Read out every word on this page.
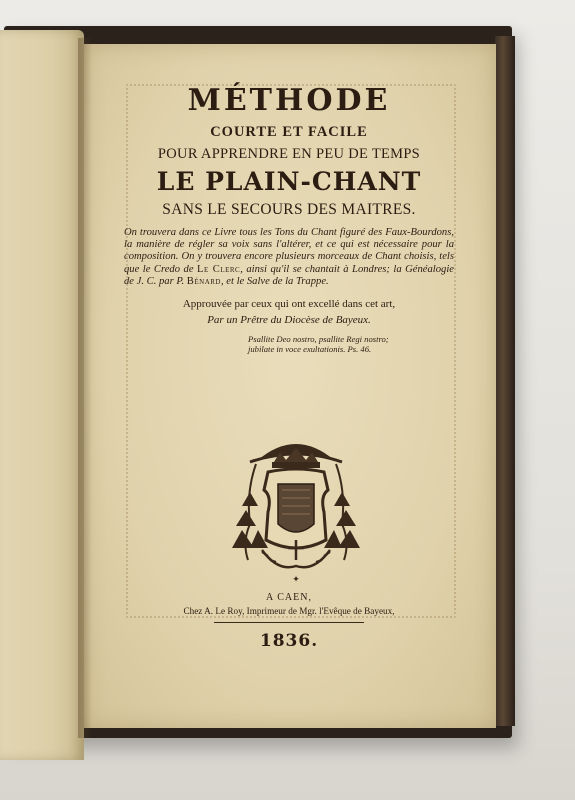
MÉTHODE

COURTE ET FACILE

POUR APPRENDRE EN PEU DE TEMPS

LE PLAIN-CHANT

SANS LE SECOURS DES MAITRES.

On trouvera dans ce Livre tous les Tons du Chant figuré des Faux-Bourdons, la manière de régler sa voix sans l'altérer, et ce qui est nécessaire pour la composition. On y trouvera encore plusieurs morceaux de Chant choisis, tels que le Credo de Le Clerc, ainsi qu'il se chantait à Londres; la Généalogie de J. C. par P. Bénard, et le Salve de la Trappe.

Approuvée par ceux qui ont excellé dans cet art,

Par un Prêtre du Diocèse de Bayeux.

Psallite Deo nostro, psallite Regi nostro;
jubilate in voce exultationis. Ps. 46.
✦

A CAEN,

Chez A. Le Roy, Imprimeur de Mgr. l'Evêque de Bayeux,

1836.
